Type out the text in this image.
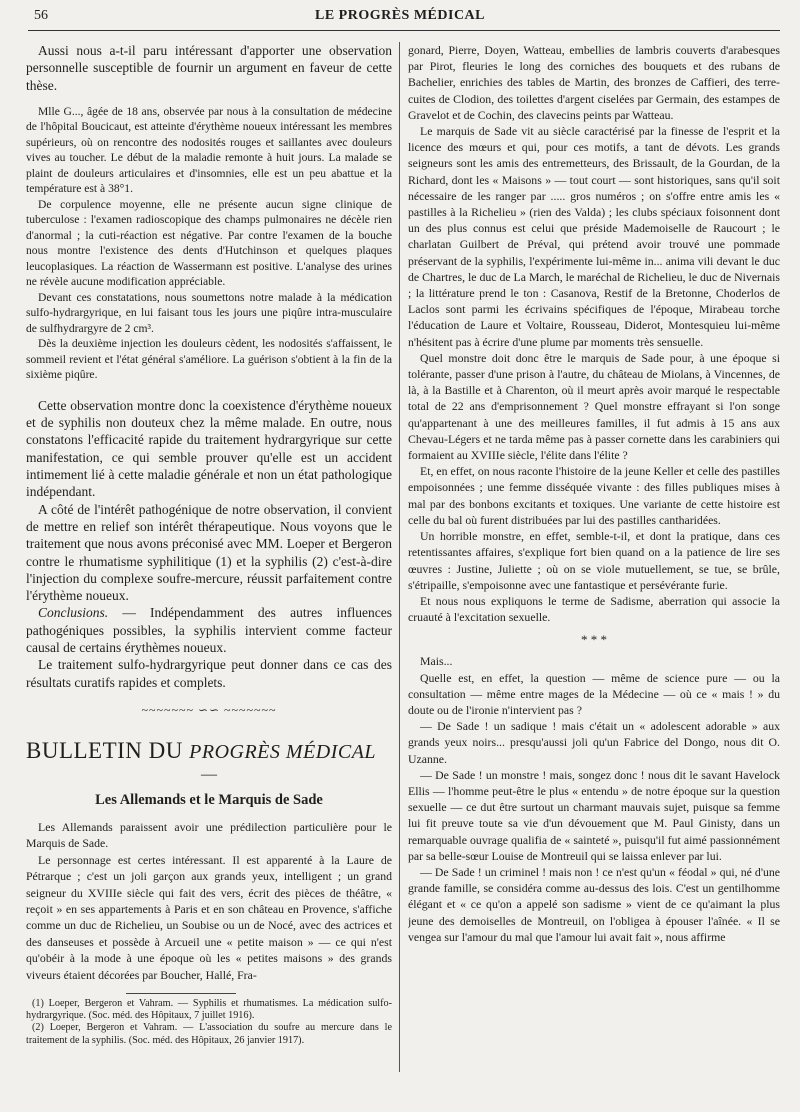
56	LE PROGRÈS MÉDICAL

Aussi nous a-t-il paru intéressant d'apporter une observation personnelle susceptible de fournir un argument en faveur de cette thèse.

Mlle G..., âgée de 18 ans, observée par nous à la consultation de médecine de l'hôpital Boucicaut, est atteinte d'érythème noueux intéressant les membres supérieurs, où on rencontre des nodosités rouges et saillantes avec douleurs vives au toucher. Le début de la maladie remonte à huit jours. La malade se plaint de douleurs articulaires et d'insomnies, elle est un peu abattue et la température est à 38°1.

De corpulence moyenne, elle ne présente aucun signe clinique de tuberculose : l'examen radioscopique des champs pulmonaires ne décèle rien d'anormal ; la cuti-réaction est négative. Par contre l'examen de la bouche nous montre l'existence des dents d'Hutchinson et quelques plaques leucoplasiques. La réaction de Wassermann est positive. L'analyse des urines ne révèle aucune modification appréciable.

Devant ces constatations, nous soumettons notre malade à la médication sulfo-hydrargyrique, en lui faisant tous les jours une piqûre intra-musculaire de sulfhydrargyre de 2 cm³.

Dès la deuxième injection les douleurs cèdent, les nodosités s'affaissent, le sommeil revient et l'état général s'améliore. La guérison s'obtient à la fin de la sixième piqûre.

Cette observation montre donc la coexistence d'érythème noueux et de syphilis non douteux chez la même malade. En outre, nous constatons l'efficacité rapide du traitement hydrargyrique sur cette manifestation, ce qui semble prouver qu'elle est un accident intimement lié à cette maladie générale et non un état pathologique indépendant.

A côté de l'intérêt pathogénique de notre observation, il convient de mettre en relief son intérêt thérapeutique. Nous voyons que le traitement que nous avons préconisé avec MM. Loeper et Bergeron contre le rhumatisme syphilitique (1) et la syphilis (2) c'est-à-dire l'injection du complexe soufre-mercure, réussit parfaitement contre l'érythème noueux.

Conclusions. — Indépendamment des autres influences pathogéniques possibles, la syphilis intervient comme facteur causal de certains érythèmes noueux.

Le traitement sulfo-hydrargyrique peut donner dans ce cas des résultats curatifs rapides et complets.

~~~~~~~ ∽∽ ~~~~~~~
BULLETIN DU PROGRÈS MÉDICAL
—
Les Allemands et le Marquis de Sade

Les Allemands paraissent avoir une prédilection particulière pour le Marquis de Sade.

Le personnage est certes intéressant. Il est apparenté à la Laure de Pétrarque ; c'est un joli garçon aux grands yeux, intelligent ; un grand seigneur du XVIIIe siècle qui fait des vers, écrit des pièces de théâtre, « reçoit » en ses appartements à Paris et en son château en Provence, s'affiche comme un duc de Richelieu, un Soubise ou un de Nocé, avec des actrices et des danseuses et possède à Arcueil une « petite maison » — ce qui n'est qu'obéir à la mode à une époque où les « petites maisons » des grands viveurs étaient décorées par Boucher, Hallé, Fra-

(1) Loeper, Bergeron et Vahram. — Syphilis et rhumatismes. La médication sulfo-hydrargyrique. (Soc. méd. des Hôpitaux, 7 juillet 1916).

(2) Loeper, Bergeron et Vahram. — L'association du soufre au mercure dans le traitement de la syphilis. (Soc. méd. des Hôpitaux, 26 janvier 1917).

gonard, Pierre, Doyen, Watteau, embellies de lambris couverts d'arabesques par Pirot, fleuries le long des corniches des bouquets et des rubans de Bachelier, enrichies des tables de Martin, des bronzes de Caffieri, des terre-cuites de Clodion, des toilettes d'argent ciselées par Germain, des estampes de Gravelot et de Cochin, des clavecins peints par Watteau.

Le marquis de Sade vit au siècle caractérisé par la finesse de l'esprit et la licence des mœurs et qui, pour ces motifs, a tant de dévots. Les grands seigneurs sont les amis des entremetteurs, des Brissault, de la Gourdan, de la Richard, dont les « Maisons » — tout court — sont historiques, sans qu'il soit nécessaire de les ranger par ..... gros numéros ; on s'offre entre amis les « pastilles à la Richelieu » (rien des Valda) ; les clubs spéciaux foisonnent dont un des plus connus est celui que préside Mademoiselle de Raucourt ; le charlatan Guilbert de Préval, qui prétend avoir trouvé une pommade préservant de la syphilis, l'expérimente lui-même in... anima vili devant le duc de Chartres, le duc de La March, le maréchal de Richelieu, le duc de Nivernais ; la littérature prend le ton : Casanova, Restif de la Bretonne, Choderlos de Laclos sont parmi les écrivains spécifiques de l'époque, Mirabeau torche l'éducation de Laure et Voltaire, Rousseau, Diderot, Montesquieu lui-même n'hésitent pas à écrire d'une plume par moments très sensuelle.

Quel monstre doit donc être le marquis de Sade pour, à une époque si tolérante, passer d'une prison à l'autre, du château de Miolans, à Vincennes, de là, à la Bastille et à Charenton, où il meurt après avoir marqué le respectable total de 22 ans d'emprisonnement ? Quel monstre effrayant si l'on songe qu'appartenant à une des meilleures familles, il fut admis à 15 ans aux Chevau-Légers et ne tarda même pas à passer cornette dans les carabiniers qui formaient au XVIIIe siècle, l'élite dans l'élite ?

Et, en effet, on nous raconte l'histoire de la jeune Keller et celle des pastilles empoisonnées ; une femme disséquée vivante : des filles publiques mises à mal par des bonbons excitants et toxiques. Une variante de cette histoire est celle du bal où furent distribuées par lui des pastilles cantharidées.

Un horrible monstre, en effet, semble-t-il, et dont la pratique, dans ces retentissantes affaires, s'explique fort bien quand on a la patience de lire ses œuvres : Justine, Juliette ; où on se viole mutuellement, se tue, se brûle, s'étripaille, s'empoisonne avec une fantastique et persévérante furie.

Et nous nous expliquons le terme de Sadisme, aberration qui associe la cruauté à l'excitation sexuelle.

* * *

Mais...

Quelle est, en effet, la question — même de science pure — ou la consultation — même entre mages de la Médecine — où ce « mais ! » du doute ou de l'ironie n'intervient pas ?

— De Sade ! un sadique ! mais c'était un « adolescent adorable » aux grands yeux noirs... presqu'aussi joli qu'un Fabrice del Dongo, nous dit O. Uzanne.

— De Sade ! un monstre ! mais, songez donc ! nous dit le savant Havelock Ellis — l'homme peut-être le plus « entendu » de notre époque sur la question sexuelle — ce dut être surtout un charmant mauvais sujet, puisque sa femme lui fit preuve toute sa vie d'un dévouement que M. Paul Ginisty, dans un remarquable ouvrage qualifia de « sainteté », puisqu'il fut aimé passionnément par sa belle-sœur Louise de Montreuil qui se laissa enlever par lui.

— De Sade ! un criminel ! mais non ! ce n'est qu'un « féodal » qui, né d'une grande famille, se considéra comme au-dessus des lois. C'est un gentilhomme élégant et « ce qu'on a appelé son sadisme » vient de ce qu'aimant la plus jeune des demoiselles de Montreuil, on l'obligea à épouser l'aînée. « Il se vengea sur l'amour du mal que l'amour lui avait fait », nous affirme
